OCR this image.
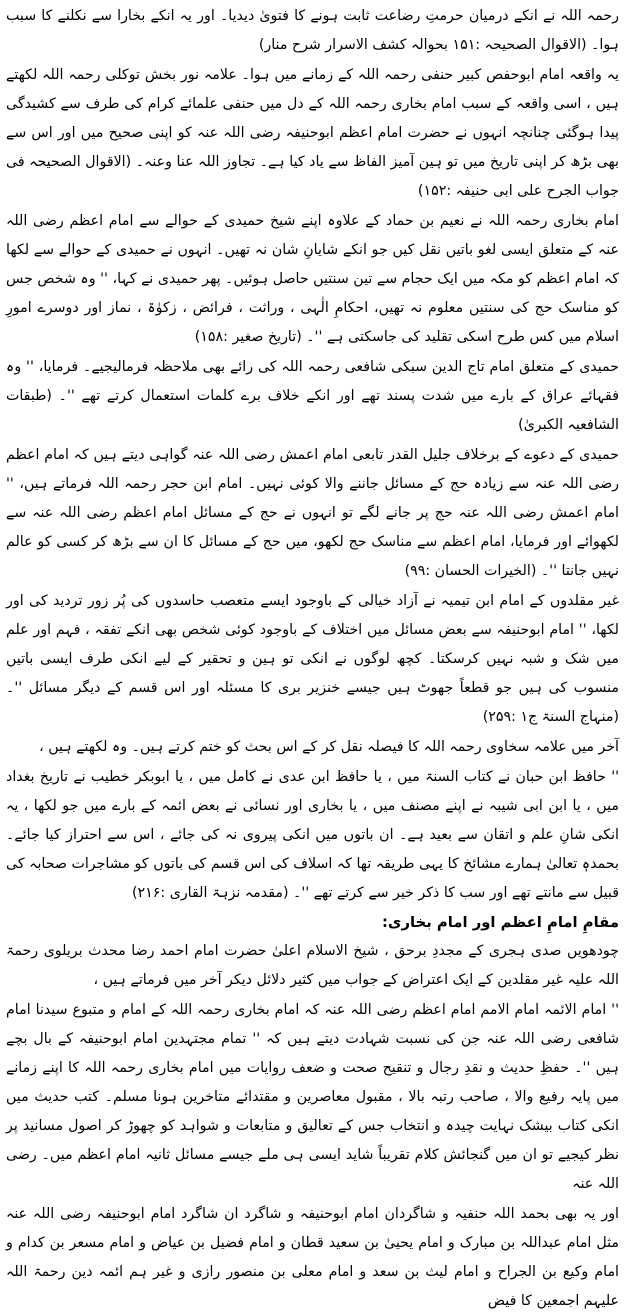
رحمہ اللہ نے انکے درمیان حرمتِ رضاعت ثابت ہونے کا فتویٰ دیدیا۔ اور یہ انکے بخارا سے نکلنے کا سبب ہوا۔ (الاقوال الصحیحہ :۱۵۱ بحوالہ کشف الاسرار شرح منار)

یہ واقعہ امام ابوحفص کبیر حنفی رحمہ اللہ کے زمانے میں ہوا۔ علامہ نور بخش توکلی رحمہ اللہ لکھتے ہیں ، اسی واقعہ کے سبب امام بخاری رحمہ اللہ کے دل میں حنفی علمائے کرام کی طرف سے کشیدگی پیدا ہوگئی چنانچہ انہوں نے حضرت امام اعظم ابوحنیفہ رضی اللہ عنہ کو اپنی صحیح میں اور اس سے بھی بڑھ کر اپنی تاریخ میں تو ہین آمیز الفاظ سے یاد کیا ہے۔ تجاوز اللہ عنا وعنہ۔ (الاقوال الصحیحہ فی جواب الجرح علی ابی حنیفہ :۱۵۲)

امام بخاری رحمہ اللہ نے نعیم بن حماد کے علاوہ اپنے شیخ حمیدی کے حوالے سے امام اعظم رضی اللہ عنہ کے متعلق ایسی لغو باتیں نقل کیں جو انکے شایانِ شان نہ تھیں۔ انہوں نے حمیدی کے حوالے سے لکھا کہ امام اعظم کو مکہ میں ایک حجام سے تین سنتیں حاصل ہوئیں۔ پھر حمیدی نے کہا، '' وہ شخص جس کو مناسک حج کی سنتیں معلوم نہ تھیں، احکامِ الٰہی ، وراثت ، فرائض ، زکوٰۃ ، نماز اور دوسرے امورِ اسلام میں کس طرح اسکی تقلید کی جاسکتی ہے ''۔ (تاریخ صغیر :۱۵۸)

حمیدی کے متعلق امام تاج الدین سبکی شافعی رحمہ اللہ کی رائے بھی ملاحظہ فرمالیجیے۔ فرمایا، '' وہ فقہائے عراق کے بارے میں شدت پسند تھے اور انکے خلاف برے کلمات استعمال کرتے تھے ''۔ (طبقات الشافعیہ الکبریٰ)

حمیدی کے دعوے کے برخلاف جلیل القدر تابعی امام اعمش رضی اللہ عنہ گواہی دیتے ہیں کہ امام اعظم رضی اللہ عنہ سے زیادہ حج کے مسائل جاننے والا کوئی نہیں۔ امام ابن حجر رحمہ اللہ فرماتے ہیں، '' امام اعمش رضی اللہ عنہ حج پر جانے لگے تو انہوں نے حج کے مسائل امام اعظم رضی اللہ عنہ سے لکھوائے اور فرمایا، امام اعظم سے مناسک حج لکھو، میں حج کے مسائل کا ان سے بڑھ کر کسی کو عالم نہیں جانتا ''۔ (الخیرات الحسان :۹۹)

غیر مقلدوں کے امام ابن تیمیہ نے آزاد خیالی کے باوجود ایسے متعصب حاسدوں کی پُر زور تردید کی اور لکھا، '' امام ابوحنیفہ سے بعض مسائل میں اختلاف کے باوجود کوئی شخص بھی انکے تفقہ ، فہم اور علم میں شک و شبہ نہیں کرسکتا۔ کچھ لوگوں نے انکی تو ہین و تحقیر کے لیے انکی طرف ایسی باتیں منسوب کی ہیں جو قطعاً جھوٹ ہیں جیسے خنزیر بری کا مسئلہ اور اس قسم کے دیگر مسائل ''۔ (منہاج السنۃ ج۱ :۲۵۹)

آخر میں علامہ سخاوی رحمہ اللہ کا فیصلہ نقل کر کے اس بحث کو ختم کرتے ہیں۔ وہ لکھتے ہیں ،

'' حافظ ابن حبان نے کتاب السنۃ میں ، یا حافظ ابن عدی نے کامل میں ، یا ابوبکر خطیب نے تاریخ بغداد میں ، یا ابن ابی شیبہ نے اپنے مصنف میں ، یا بخاری اور نسائی نے بعض ائمہ کے بارے میں جو لکھا ، یہ انکی شانِ علم و اتقان سے بعید ہے۔ ان باتوں میں انکی پیروی نہ کی جائے ، اس سے احتراز کیا جائے۔ بحمدہٖ تعالیٰ ہمارے مشائخ کا یہی طریقہ تھا کہ اسلاف کی اس قسم کی باتوں کو مشاجرات صحابہ کی قبیل سے مانتے تھے اور سب کا ذکر خیر سے کرتے تھے ''۔ (مقدمہ نزہۃ القاری :۲۱۶)

مقامِ امامِ اعظم اور امام بخاری:

چودھویں صدی ہجری کے مجددِ برحق ، شیخ الاسلام اعلیٰ حضرت امام احمد رضا محدث بریلوی رحمۃ اللہ علیہ غیر مقلدین کے ایک اعتراض کے جواب میں کثیر دلائل دیکر آخر میں فرماتے ہیں ،

'' امام الائمہ امام الامم امام اعظم رضی اللہ عنہ کہ امام بخاری رحمہ اللہ کے امام و متبوع سیدنا امام شافعی رضی اللہ عنہ جن کی نسبت شہادت دیتے ہیں کہ '' تمام مجتہدین امام ابوحنیفہ کے بال بچے ہیں ''۔ حفظِ حدیث و نقدِ رجال و تنقیح صحت و ضعف روایات میں امام بخاری رحمہ اللہ کا اپنے زمانے میں پایہ رفیع والا ، صاحب رتبہ بالا ، مقبول معاصرین و مقتدائے متاخرین ہونا مسلم۔ کتب حدیث میں انکی کتاب بیشک نہایت چیدہ و انتخاب جس کے تعالیق و متابعات و شواہد کو چھوڑ کر اصول مسانید پر نظر کیجیے تو ان میں گنجائش کلام تقریباً شاید ایسی ہی ملے جیسے مسائل ثانیہ امام اعظم میں۔ رضی اللہ عنہ

اور یہ بھی بحمد اللہ حنفیہ و شاگردان امام ابوحنیفہ و شاگرد ان شاگرد امام ابوحنیفہ رضی اللہ عنہ مثل امام عبداللہ بن مبارک و امام یحییٰ بن سعید قطان و امام فضیل بن عیاض و امام مسعر بن کدام و امام وکیع بن الجراح و امام لیث بن سعد و امام معلی بن منصور رازی و غیر ہم ائمہ دین رحمۃ اللہ علیہم اجمعین کا فیض
